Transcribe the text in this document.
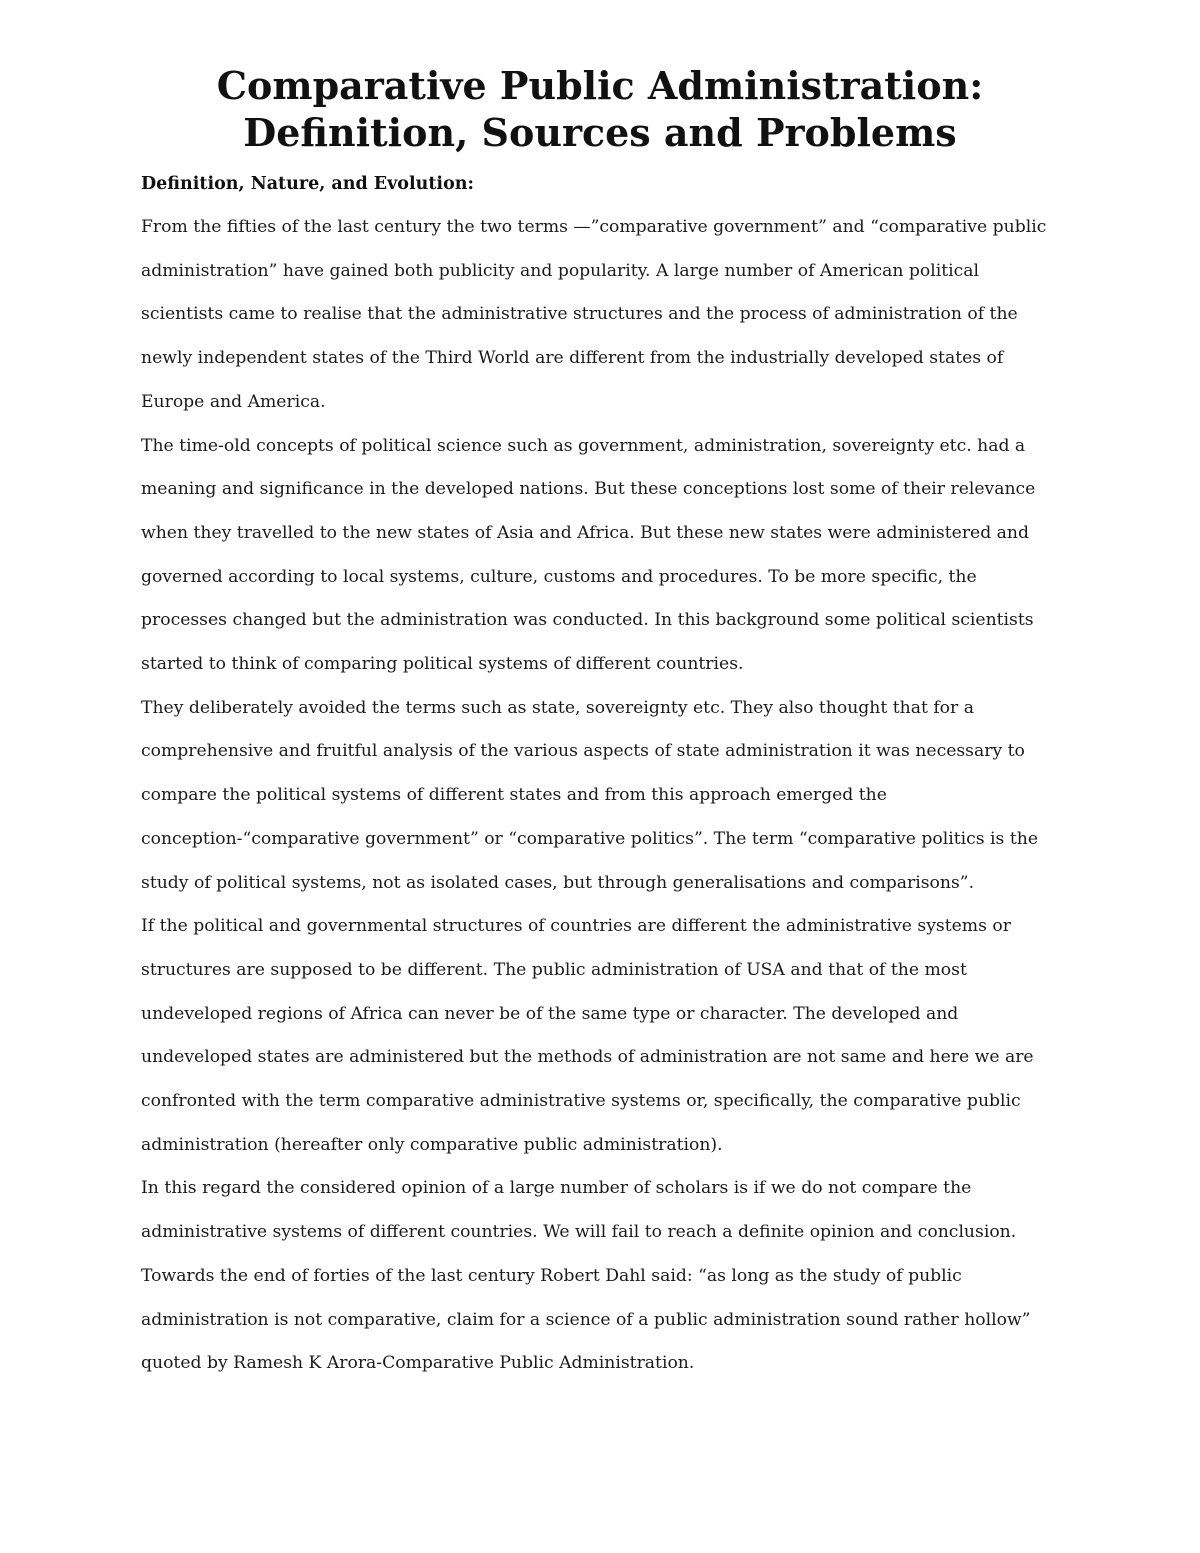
Comparative Public Administration:
Definition, Sources and Problems
Definition, Nature, and Evolution:

From the fifties of the last century the two terms —”comparative government” and “comparative public administration” have gained both publicity and popularity. A large number of American political scientists came to realise that the administrative structures and the process of administration of the newly independent states of the Third World are different from the industrially developed states of Europe and America.

The time-old concepts of political science such as government, administration, sovereignty etc. had a meaning and significance in the developed nations. But these conceptions lost some of their relevance when they travelled to the new states of Asia and Africa. But these new states were administered and governed according to local systems, culture, customs and procedures. To be more specific, the processes changed but the administration was conducted. In this background some political scientists started to think of comparing political systems of different countries.

They deliberately avoided the terms such as state, sovereignty etc. They also thought that for a comprehensive and fruitful analysis of the various aspects of state administration it was necessary to compare the political systems of different states and from this approach emerged the conception-“comparative government” or “comparative politics”. The term “comparative politics is the study of political systems, not as isolated cases, but through generalisations and comparisons”.

If the political and governmental structures of countries are different the administrative systems or structures are supposed to be different. The public administration of USA and that of the most undeveloped regions of Africa can never be of the same type or character. The developed and undeveloped states are administered but the methods of administration are not same and here we are confronted with the term comparative administrative systems or, specifically, the comparative public administration (hereafter only comparative public administration).

In this regard the considered opinion of a large number of scholars is if we do not compare the administrative systems of different countries. We will fail to reach a definite opinion and conclusion. Towards the end of forties of the last century Robert Dahl said: “as long as the study of public administration is not comparative, claim for a science of a public administration sound rather hollow” quoted by Ramesh K Arora-Comparative Public Administration.
